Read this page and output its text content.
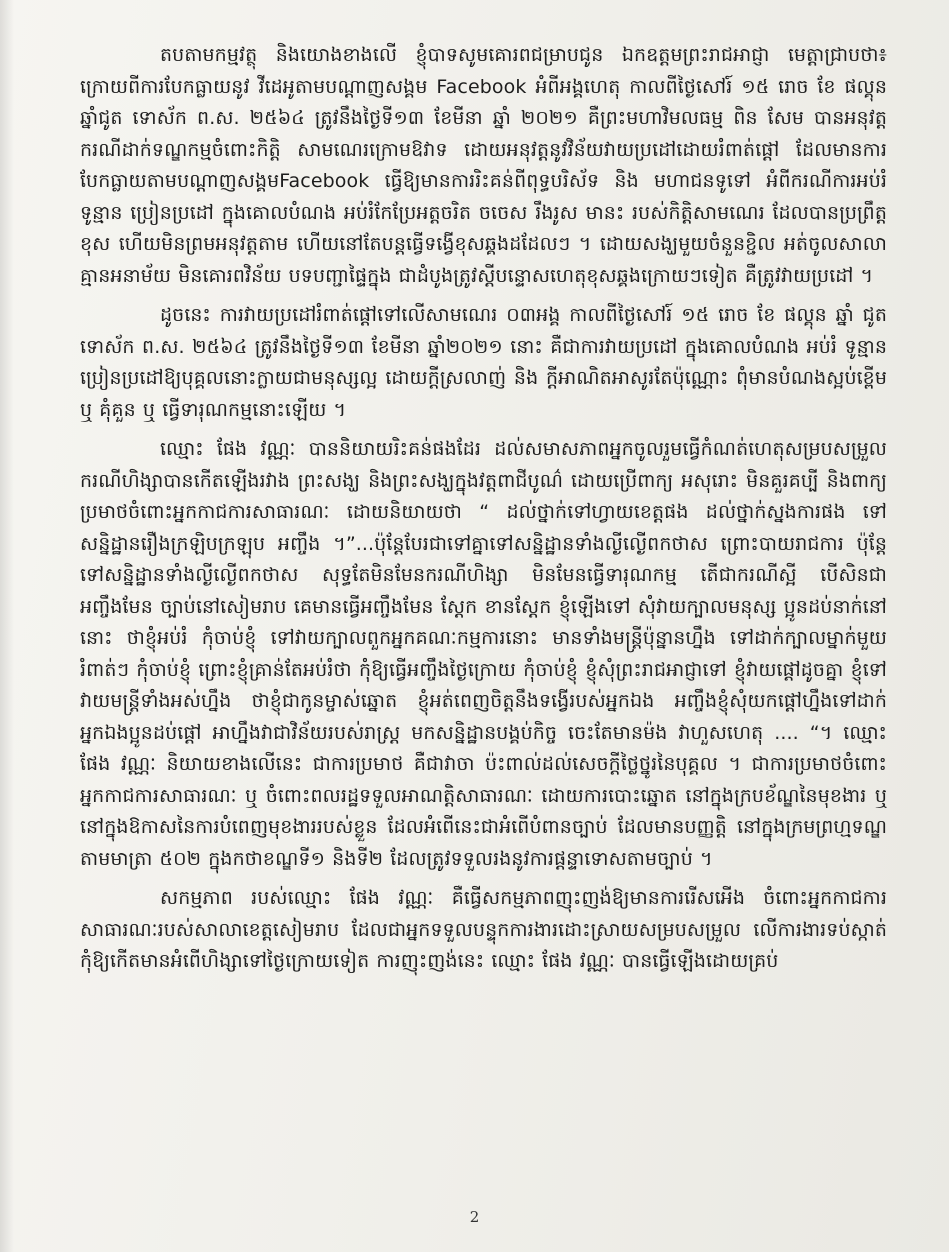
តបតាមកម្មវត្ថុ និងយោងខាងលើ ខ្ញុំបាទសូមគោរពជម្រាបជូន ឯកឧត្តមព្រះរាជអាជ្ញា មេត្តាជ្រាបថា៖ ក្រោយពីការបែកធ្លាយនូវ វីដេអូតាមបណ្តាញសង្គម Facebook អំពីអង្គហេតុ កាលពីថ្ងៃសៅរ៍ ១៥ រោច ខែ ផល្គុន ឆ្នាំជូត ទោស័ក ព.ស. ២៥៦៤ ត្រូវនឹងថ្ងៃទី១៣ ខែមីនា ឆ្នាំ ២០២១ គឺព្រះមហាវិមលធម្ម ពិន សែម បានអនុវត្ត ករណីដាក់ទណ្ឌកម្មចំពោះកិត្តិ សាមណេរក្រោមឱវាទ ដោយអនុវត្តនូវវិន័យវាយប្រដៅដោយរំពាត់ផ្តៅ ដែលមានការបែកធ្លាយតាមបណ្តាញសង្គមFacebook ធ្វើឱ្យមានការរិះគន់ពីពុទ្ធបរិស័ទ និង មហាជនទូទៅ អំពីករណីការអប់រំ ទូន្មាន ប្រៀនប្រដៅ ក្នុងគោលបំណង អប់រំកែប្រែអត្តចរិត ចចេស រឹងរូស មានះ របស់កិត្តិសាមណេរ ដែលបានប្រព្រឹត្តខុស ហើយមិនព្រមអនុវត្តតាម ហើយនៅតែបន្តធ្វើទង្វើខុសឆ្គងដដែលៗ ។ ដោយសង្ឃមួយចំនួនខ្ជិល អត់ចូលសាលា គ្មានអនាម័យ មិនគោរពវិន័យ បទបញ្ជាផ្ទៃក្នុង ជាដំបូងត្រូវស្តីបន្ទោសហេតុខុសឆ្គងក្រោយៗទៀត គឺត្រូវវាយប្រដៅ ។

ដូចនេះ ការវាយប្រដៅរំពាត់ផ្តៅទៅលើសាមណេរ ០៣អង្គ កាលពីថ្ងៃសៅរ៍ ១៥ រោច ខែ ផល្គុន ឆ្នាំ ជូត ទោស័ក ព.ស. ២៥៦៤ ត្រូវនឹងថ្ងៃទី១៣ ខែមីនា ឆ្នាំ២០២១ នោះ គឺជាការវាយប្រដៅ ក្នុងគោលបំណង អប់រំ ទូន្មាន ប្រៀនប្រដៅឱ្យបុគ្គលនោះក្លាយជាមនុស្សល្អ ដោយក្តីស្រលាញ់ និង ក្តីអាណិតអាសូរតែប៉ុណ្ណោះ ពុំមានបំណងស្អប់ខ្ពើម ឬ គុំគួន ឬ ធ្វើទារុណកម្មនោះឡើយ ។

ឈ្មោះ ផែង វណ្ណៈ បាននិយាយរិះគន់ផងដែរ ដល់សមាសភាពអ្នកចូលរួមធ្វើកំណត់ហេតុសម្របសម្រួល ករណីហិង្សាបានកើតឡើងរវាង ព្រះសង្ឃ និងព្រះសង្ឃក្នុងវត្តពាជីបូណ៌ ដោយប្រើពាក្យ អសុរោះ មិនគួរគប្បី និងពាក្យប្រមាថចំពោះអ្នកកាជការសាធារណៈ ដោយនិយាយថា “ ដល់ថ្នាក់ទៅហ្វាយខេត្តផង ដល់ថ្នាក់ស្នងការផង ទៅសន្និដ្ឋានរឿងក្រឡិបក្រឡុប អញ្ចឹង ។”...ប៉ុន្តែបែរជាទៅគ្នាទៅសន្និដ្ឋានទាំងល្ងីល្ងើពកថាស ព្រោះបាយរាជការ ប៉ុន្តែទៅសន្និដ្ឋានទាំងល្ងីល្ងើពកថាស សុទ្ធតែមិនមែនករណីហិង្សា មិនមែនធ្វើទារុណកម្ម តើជាករណីស្អី បើសិនជាអញ្ចឹងមែន ច្បាប់នៅសៀមរាប គេមានធ្វើអញ្ចឹងមែន ស្តែក ខានស្តែក ខ្ញុំឡើងទៅ សុំវាយក្បាលមនុស្ស ប្អូនដប់នាក់នៅនោះ ថាខ្ញុំអប់រំ កុំចាប់ខ្ញុំ ទៅវាយក្បាលពួកអ្នកគណៈកម្មការនោះ មានទាំងមន្ត្រីប៉ុន្នានហ្នឹង ទៅដាក់ក្បាលម្នាក់មួយរំពាត់ៗ កុំចាប់ខ្ញុំ ព្រោះខ្ញុំគ្រាន់តែអប់រំថា កុំឱ្យធ្វើអញ្ចឹងថ្ងៃក្រោយ កុំចាប់ខ្ញុំ ខ្ញុំសុំព្រះរាជអាជ្ញាទៅ ខ្ញុំវាយផ្តៅដូចគ្នា ខ្ញុំទៅវាយមន្ត្រីទាំងអស់ហ្នឹង ថាខ្ញុំជាកូនម្ចាស់ឆ្នោត ខ្ញុំអត់ពេញចិត្តនឹងទង្វើរបស់អ្នកឯង អញ្ចឹងខ្ញុំសុំយកផ្តៅហ្នឹងទៅដាក់អ្នកឯងប្អូនដប់ផ្តៅ អាហ្នឹងវាជាវិន័យរបស់រាស្ត្រ មកសន្និដ្ឋានបង្គប់កិច្ច ចេះតែមានម៉ង វាហួសហេតុ .... “។ ឈ្មោះ ផែង វណ្ណៈ និយាយខាងលើនេះ ជាការប្រមាថ គឺជាវាចា ប៉ះពាល់ដល់សេចក្តីថ្លៃថ្នូរនៃបុគ្គល ។ ជាការប្រមាថចំពោះអ្នកកាជការសាធារណៈ ឬ ចំពោះពលរដ្ឋទទួលអាណត្តិសាធារណៈ ដោយការបោះឆ្នោត នៅក្នុងក្របខ័ណ្ឌនៃមុខងារ ឬ នៅក្នុងឱកាសនៃការបំពេញមុខងាររបស់ខ្លួន ដែលអំពើនេះជាអំពើបំពានច្បាប់ ដែលមានបញ្ញត្តិ នៅក្នុងក្រមព្រហ្មទណ្ឌ តាមមាត្រា ៥០២ ក្នុងកថាខណ្ឌទី១ និងទី២ ដែលត្រូវទទួលរងនូវការផ្តន្ទាទោសតាមច្បាប់ ។

សកម្មភាព របស់ឈ្មោះ ផែង វណ្ណៈ គឺធ្វើសកម្មភាពញុះញង់ឱ្យមានការរើសអើង ចំពោះអ្នកកាជការសាធារណៈរបស់សាលាខេត្តសៀមរាប ដែលជាអ្នកទទួលបន្ទុកការងារដោះស្រាយសម្របសម្រួល លើការងារទប់ស្កាត់កុំឱ្យកើតមានអំពើហិង្សាទៅថ្ងៃក្រោយទៀត ការញុះញង់នេះ ឈ្មោះ ផែង វណ្ណៈ បានធ្វើឡើងដោយគ្រប់

2
